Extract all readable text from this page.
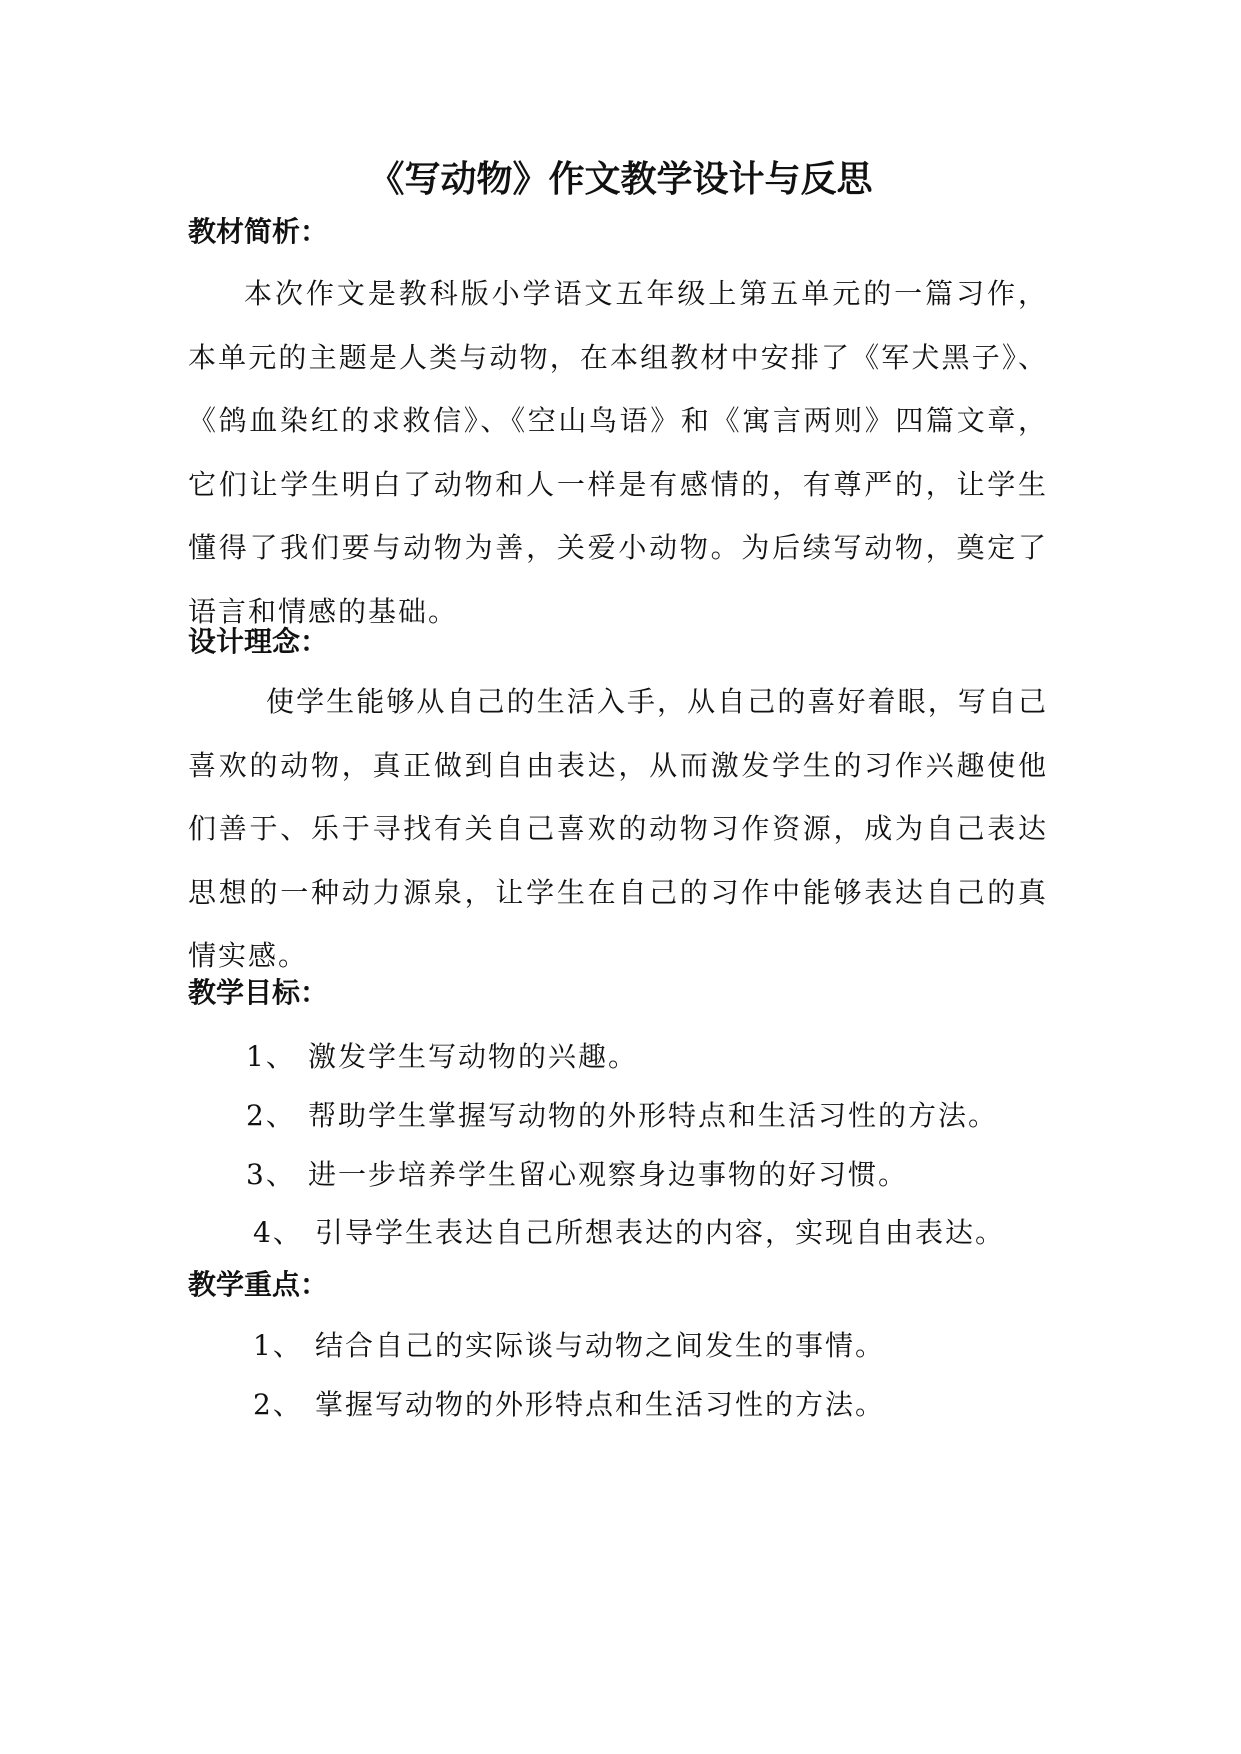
《写动物》作文教学设计与反思
教材简析：
本次作文是教科版小学语文五年级上第五单元的一篇习作，本单元的主题是人类与动物，在本组教材中安排了《军犬黑子》、《鸽血染红的求救信》、《空山鸟语》和《寓言两则》四篇文章，它们让学生明白了动物和人一样是有感情的，有尊严的，让学生懂得了我们要与动物为善，关爱小动物。为后续写动物，奠定了语言和情感的基础。
设计理念：
使学生能够从自己的生活入手，从自己的喜好着眼，写自己喜欢的动物，真正做到自由表达，从而激发学生的习作兴趣使他们善于、乐于寻找有关自己喜欢的动物习作资源，成为自己表达思想的一种动力源泉，让学生在自己的习作中能够表达自己的真情实感。
教学目标：
1、 激发学生写动物的兴趣。
2、 帮助学生掌握写动物的外形特点和生活习性的方法。
3、 进一步培养学生留心观察身边事物的好习惯。
4、 引导学生表达自己所想表达的内容，实现自由表达。
教学重点：
1、 结合自己的实际谈与动物之间发生的事情。
2、 掌握写动物的外形特点和生活习性的方法。
